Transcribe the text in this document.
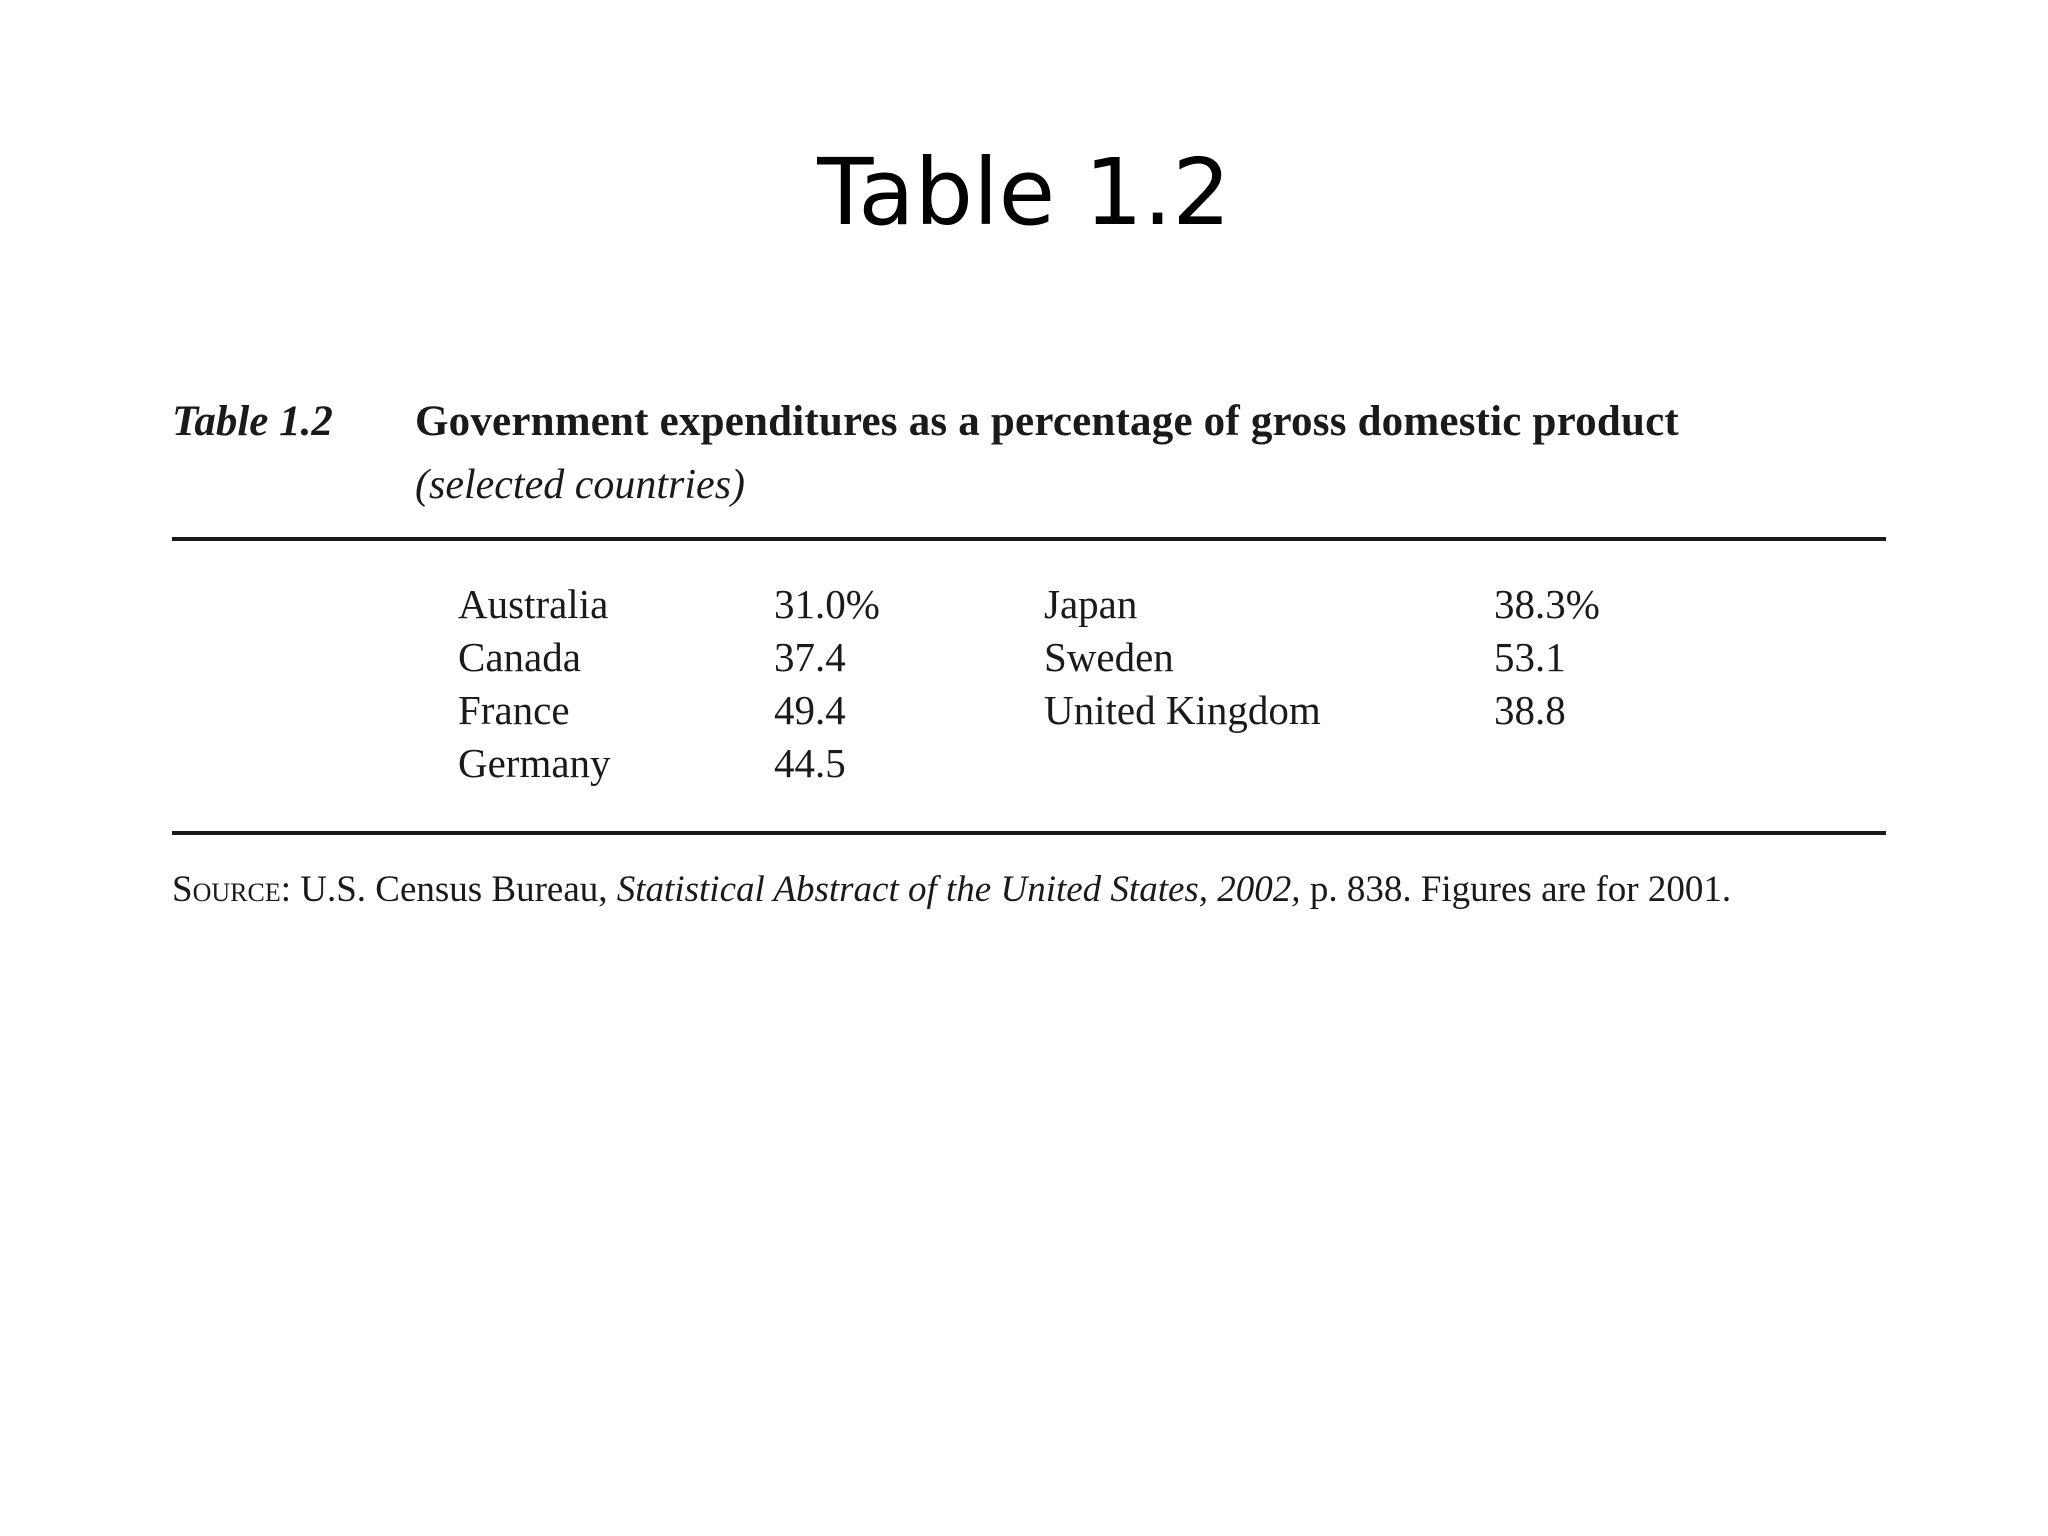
Table 1.2
Table 1.2	Government expenditures as a percentage of gross domestic product
(selected countries)
Australia
Canada
France
Germany
31.0%
37.4
49.4
44.5
Japan
Sweden
United Kingdom
38.3%
53.1
38.8
Source: U.S. Census Bureau, Statistical Abstract of the United States, 2002, p. 838. Figures are for 2001.
